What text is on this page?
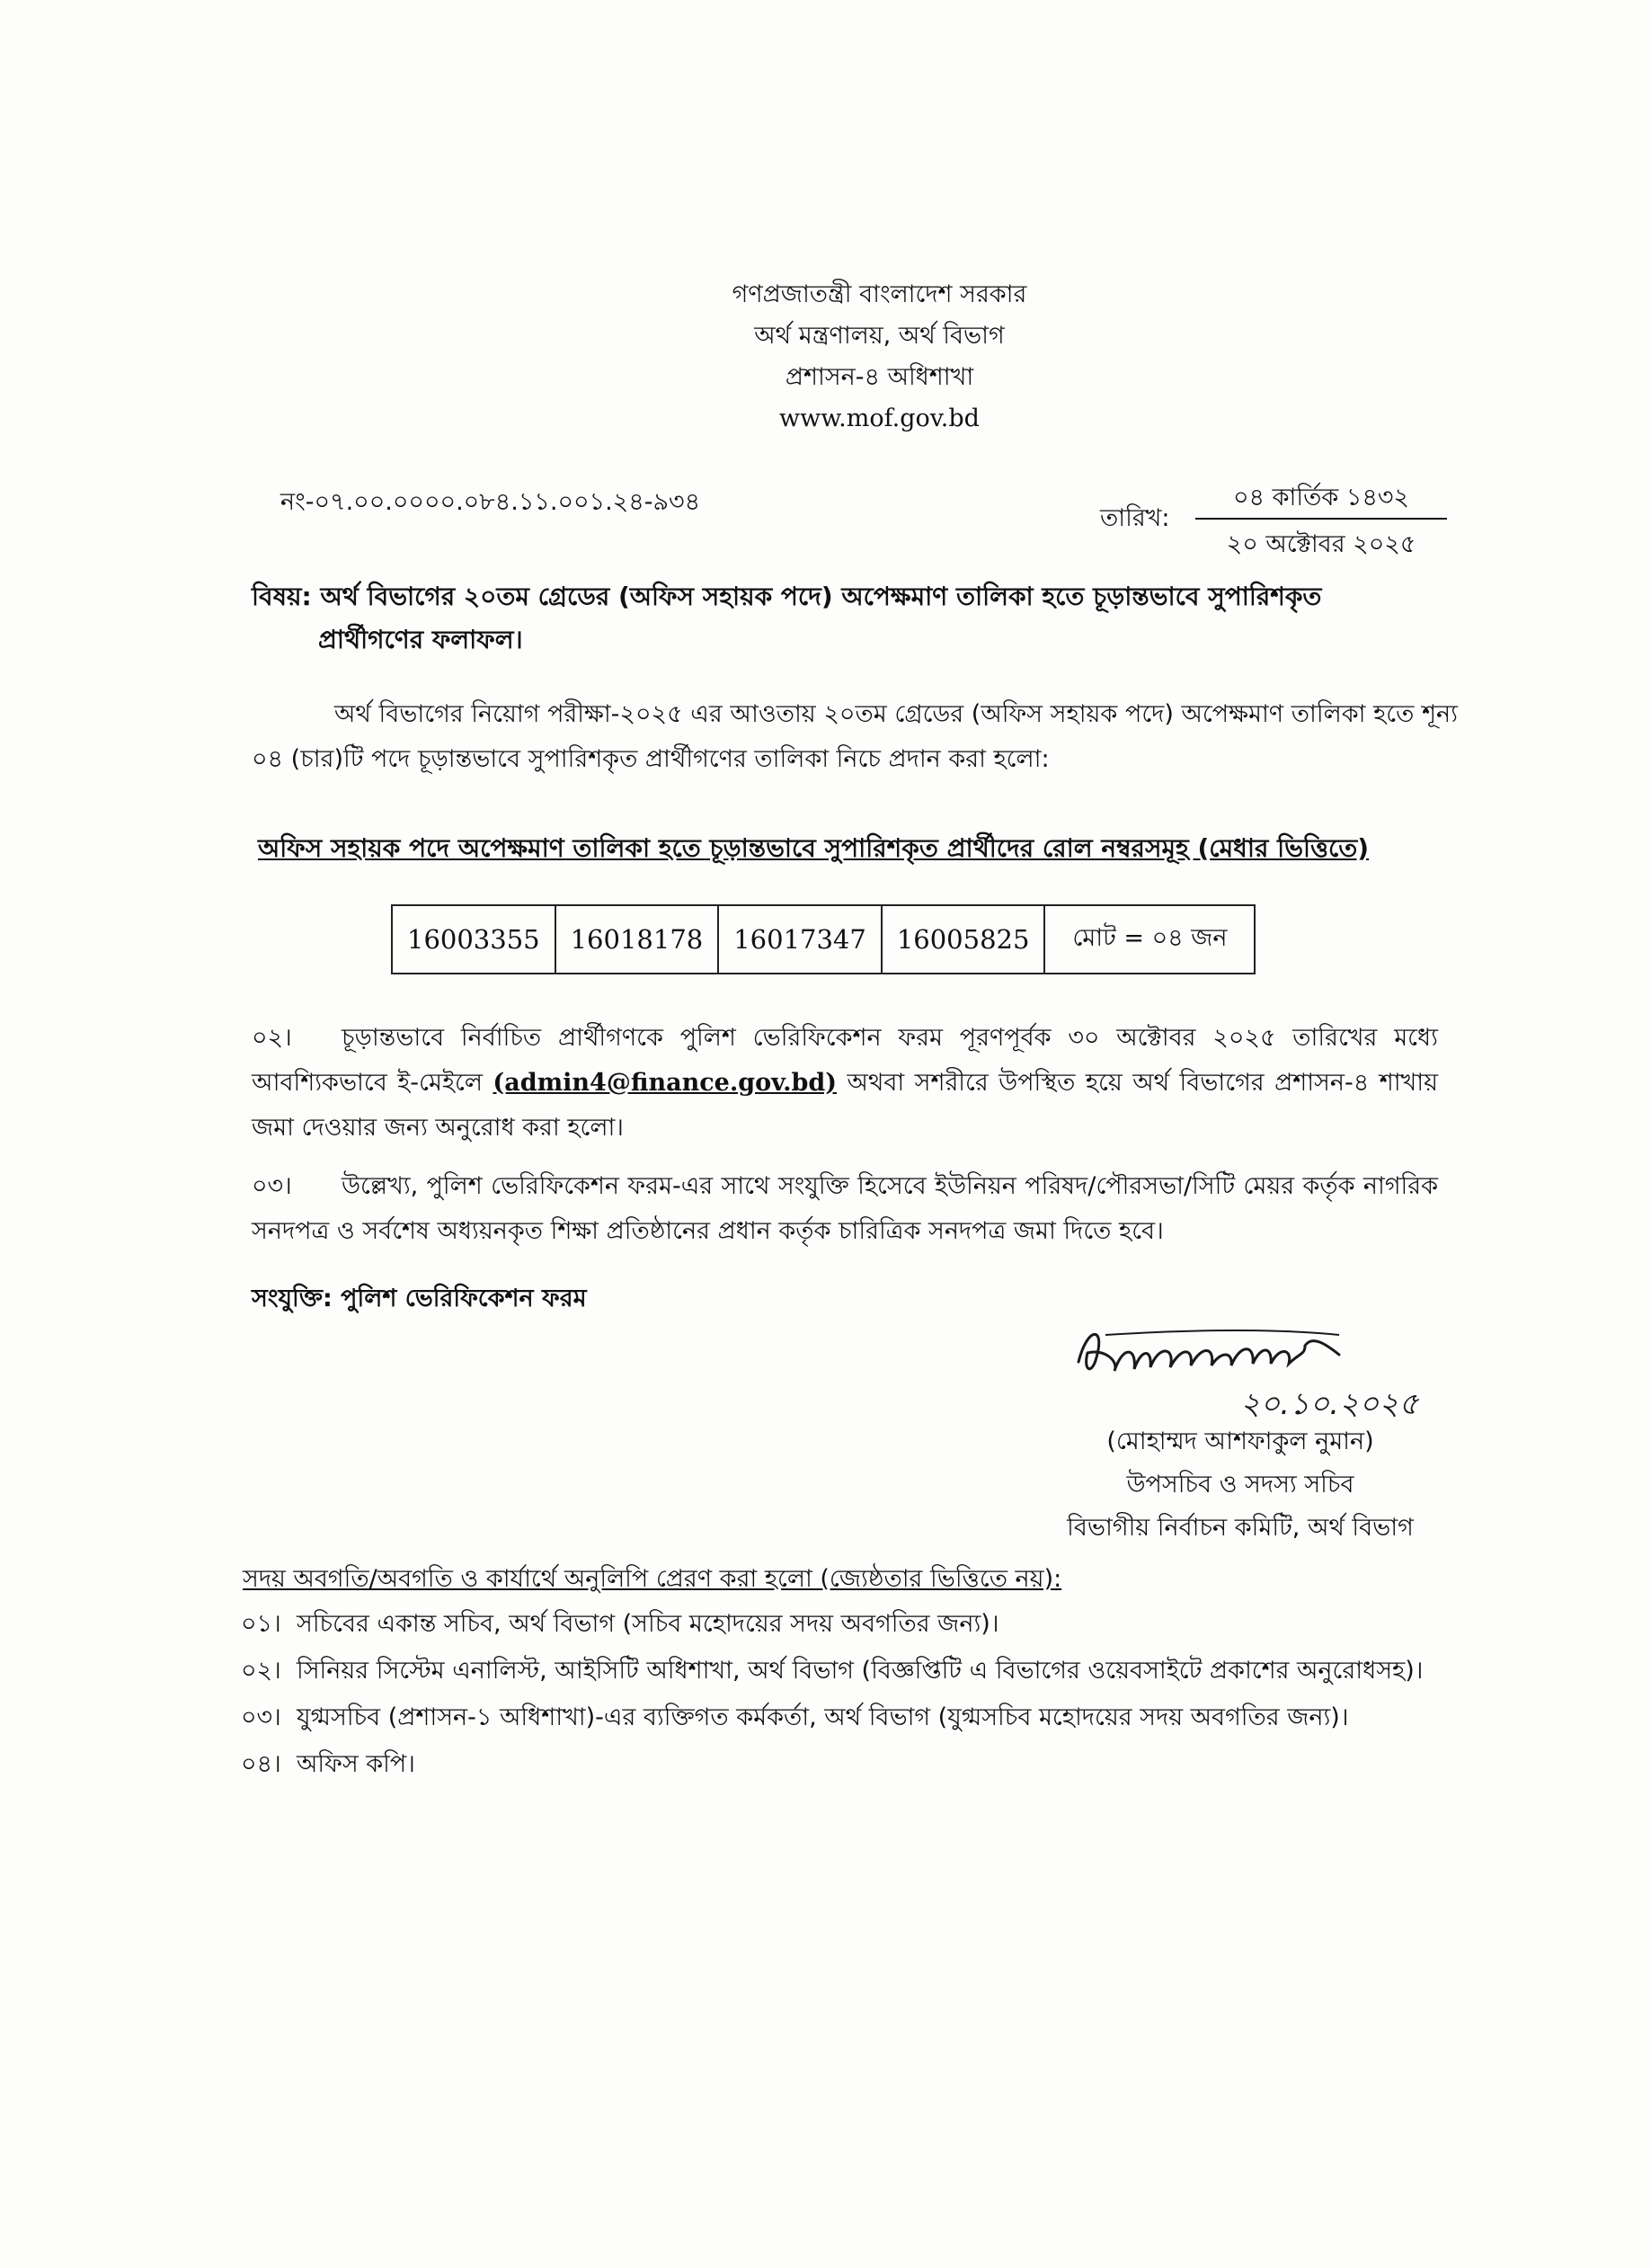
গণপ্রজাতন্ত্রী বাংলাদেশ সরকার
অর্থ মন্ত্রণালয়, অর্থ বিভাগ
প্রশাসন-৪ অধিশাখা
www.mof.gov.bd
নং-০৭.০০.০০০০.০৮৪.১১.০০১.২৪-৯৩৪
তারিখ:
০৪ কার্তিক ১৪৩২
২০ অক্টোবর ২০২৫
বিষয়: অর্থ বিভাগের ২০তম গ্রেডের (অফিস সহায়ক পদে) অপেক্ষমাণ তালিকা হতে চূড়ান্তভাবে সুপারিশকৃত
প্রার্থীগণের ফলাফল।
অর্থ বিভাগের নিয়োগ পরীক্ষা-২০২৫ এর আওতায় ২০তম গ্রেডের (অফিস সহায়ক পদে) অপেক্ষমাণ তালিকা হতে শূন্য ০৪ (চার)টি পদে চূড়ান্তভাবে সুপারিশকৃত প্রার্থীগণের তালিকা নিচে প্রদান করা হলো:
অফিস সহায়ক পদে অপেক্ষমাণ তালিকা হতে চূড়ান্তভাবে সুপারিশকৃত প্রার্থীদের রোল নম্বরসমূহ (মেধার ভিত্তিতে)
16003355	16018178	16017347	16005825	মোট = ০৪ জন
০২। চূড়ান্তভাবে নির্বাচিত প্রার্থীগণকে পুলিশ ভেরিফিকেশন ফরম পূরণপূর্বক ৩০ অক্টোবর ২০২৫ তারিখের মধ্যে আবশ্যিকভাবে ই-মেইলে (admin4@finance.gov.bd) অথবা সশরীরে উপস্থিত হয়ে অর্থ বিভাগের প্রশাসন-৪ শাখায় জমা দেওয়ার জন্য অনুরোধ করা হলো।
০৩। উল্লেখ্য, পুলিশ ভেরিফিকেশন ফরম-এর সাথে সংযুক্তি হিসেবে ইউনিয়ন পরিষদ/পৌরসভা/সিটি মেয়র কর্তৃক নাগরিক সনদপত্র ও সর্বশেষ অধ্যয়নকৃত শিক্ষা প্রতিষ্ঠানের প্রধান কর্তৃক চারিত্রিক সনদপত্র জমা দিতে হবে।
সংযুক্তি: পুলিশ ভেরিফিকেশন ফরম
২০.১০.২০২৫
(মোহাম্মদ আশফাকুল নুমান)
উপসচিব ও সদস্য সচিব
বিভাগীয় নির্বাচন কমিটি, অর্থ বিভাগ
সদয় অবগতি/অবগতি ও কার্যার্থে অনুলিপি প্রেরণ করা হলো (জ্যেষ্ঠতার ভিত্তিতে নয়):
০১। সচিবের একান্ত সচিব, অর্থ বিভাগ (সচিব মহোদয়ের সদয় অবগতির জন্য)।
০২। সিনিয়র সিস্টেম এনালিস্ট, আইসিটি অধিশাখা, অর্থ বিভাগ (বিজ্ঞপ্তিটি এ বিভাগের ওয়েবসাইটে প্রকাশের অনুরোধসহ)।
০৩। যুগ্মসচিব (প্রশাসন-১ অধিশাখা)-এর ব্যক্তিগত কর্মকর্তা, অর্থ বিভাগ (যুগ্মসচিব মহোদয়ের সদয় অবগতির জন্য)।
০৪। অফিস কপি।
